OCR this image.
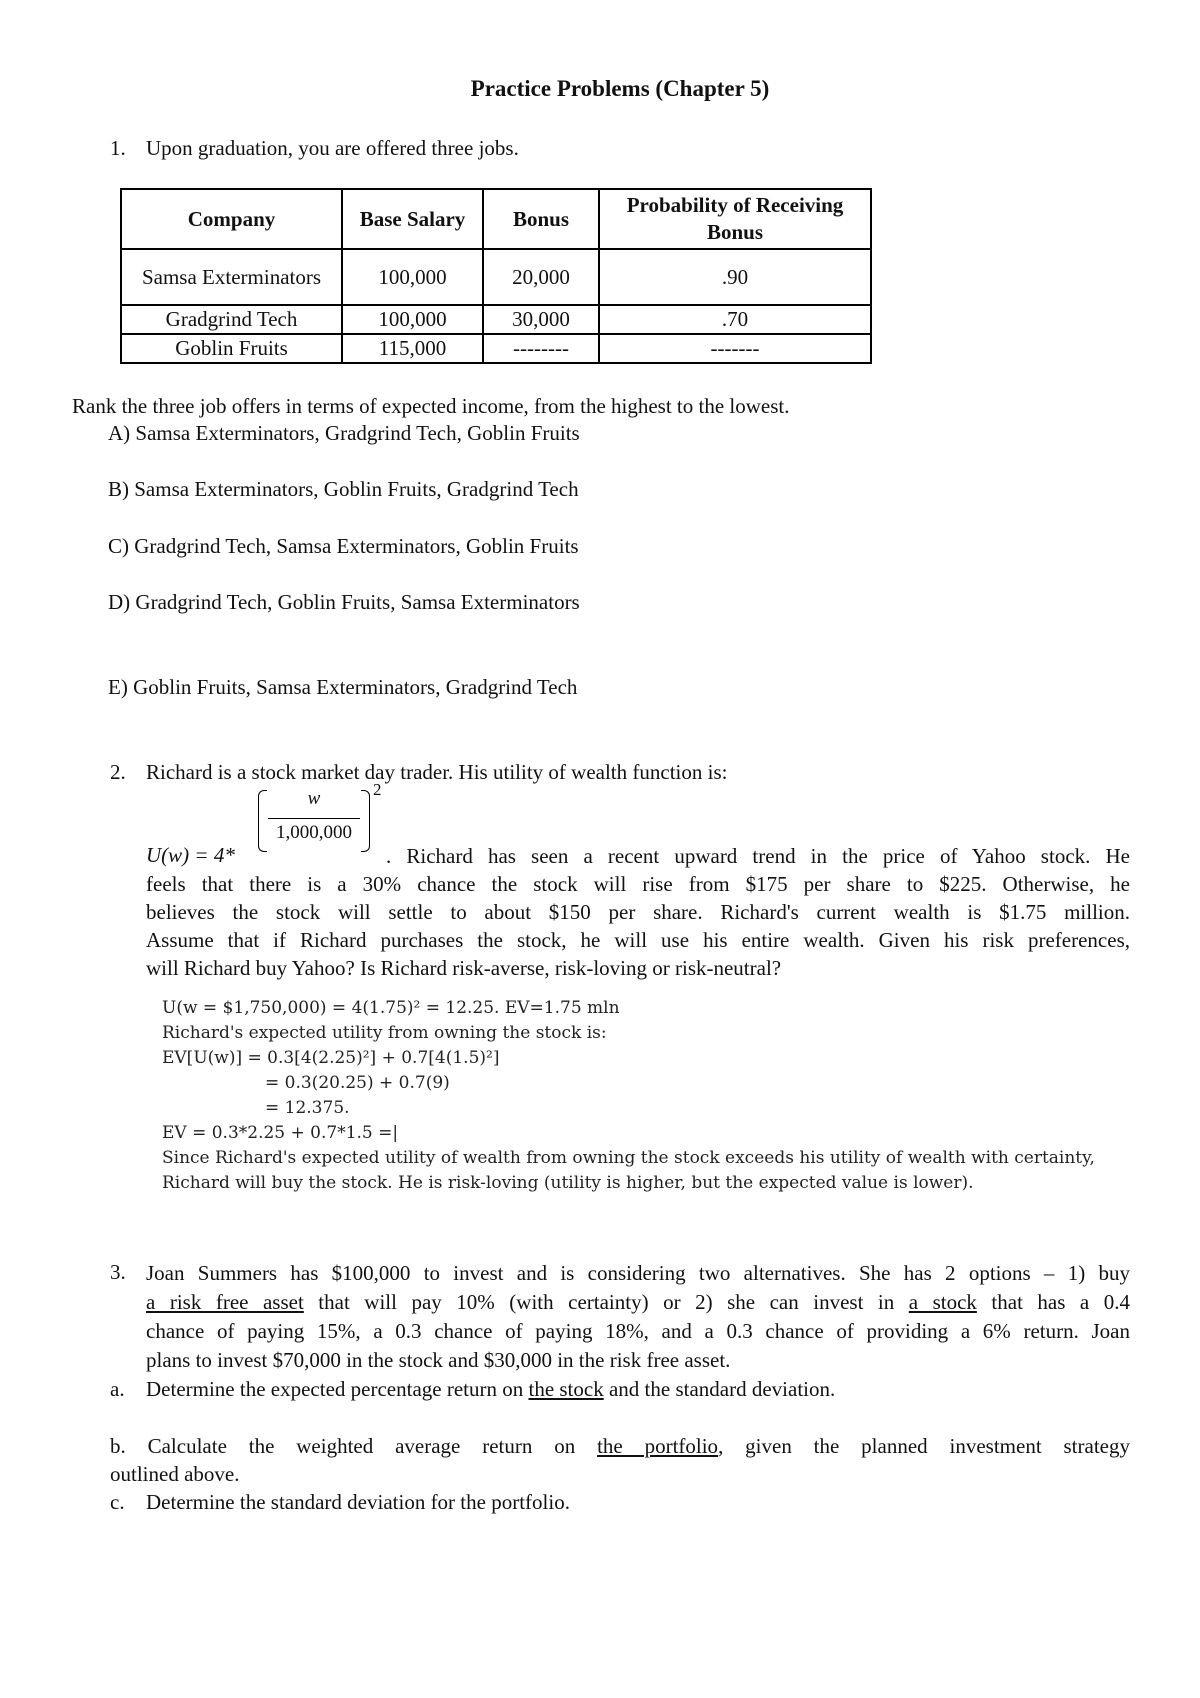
Practice Problems (Chapter 5)
1. Upon graduation, you are offered three jobs.
Company	Base Salary	Bonus	Probability of Receiving Bonus
Samsa Exterminators	100,000	20,000	.90
Gradgrind Tech	100,000	30,000	.70
Goblin Fruits	115,000	--------	-------
Rank the three job offers in terms of expected income, from the highest to the lowest.
A) Samsa Exterminators, Gradgrind Tech, Goblin Fruits
B) Samsa Exterminators, Goblin Fruits, Gradgrind Tech
C) Gradgrind Tech, Samsa Exterminators, Goblin Fruits
D) Gradgrind Tech, Goblin Fruits, Samsa Exterminators
E) Goblin Fruits, Samsa Exterminators, Gradgrind Tech
2. Richard is a stock market day trader. His utility of wealth function is:
w
1,000,000
2
U(w) = 4*	. Richard has seen a recent upward trend in the price of Yahoo stock. He
feels that there is a 30% chance the stock will rise from $175 per share to $225. Otherwise, he
believes the stock will settle to about $150 per share. Richard's current wealth is $1.75 million.
Assume that if Richard purchases the stock, he will use his entire wealth. Given his risk preferences,
will Richard buy Yahoo? Is Richard risk-averse, risk-loving or risk-neutral?
U(w = $1,750,000) = 4(1.75)² = 12.25. EV=1.75 mln
Richard's expected utility from owning the stock is:
EV[U(w)] = 0.3[4(2.25)²] + 0.7[4(1.5)²]
= 0.3(20.25) + 0.7(9)
= 12.375.
EV = 0.3*2.25 + 0.7*1.5 =|
Since Richard's expected utility of wealth from owning the stock exceeds his utility of wealth with certainty,
Richard will buy the stock. He is risk-loving (utility is higher, but the expected value is lower).
3. Joan Summers has $100,000 to invest and is considering two alternatives. She has 2 options – 1) buy
a risk free asset that will pay 10% (with certainty) or 2) she can invest in a stock that has a 0.4
chance of paying 15%, a 0.3 chance of paying 18%, and a 0.3 chance of providing a 6% return. Joan
plans to invest $70,000 in the stock and $30,000 in the risk free asset.
a. Determine the expected percentage return on the stock and the standard deviation.
b. Calculate the weighted average return on the portfolio, given the planned investment strategy
outlined above.
c. Determine the standard deviation for the portfolio.
